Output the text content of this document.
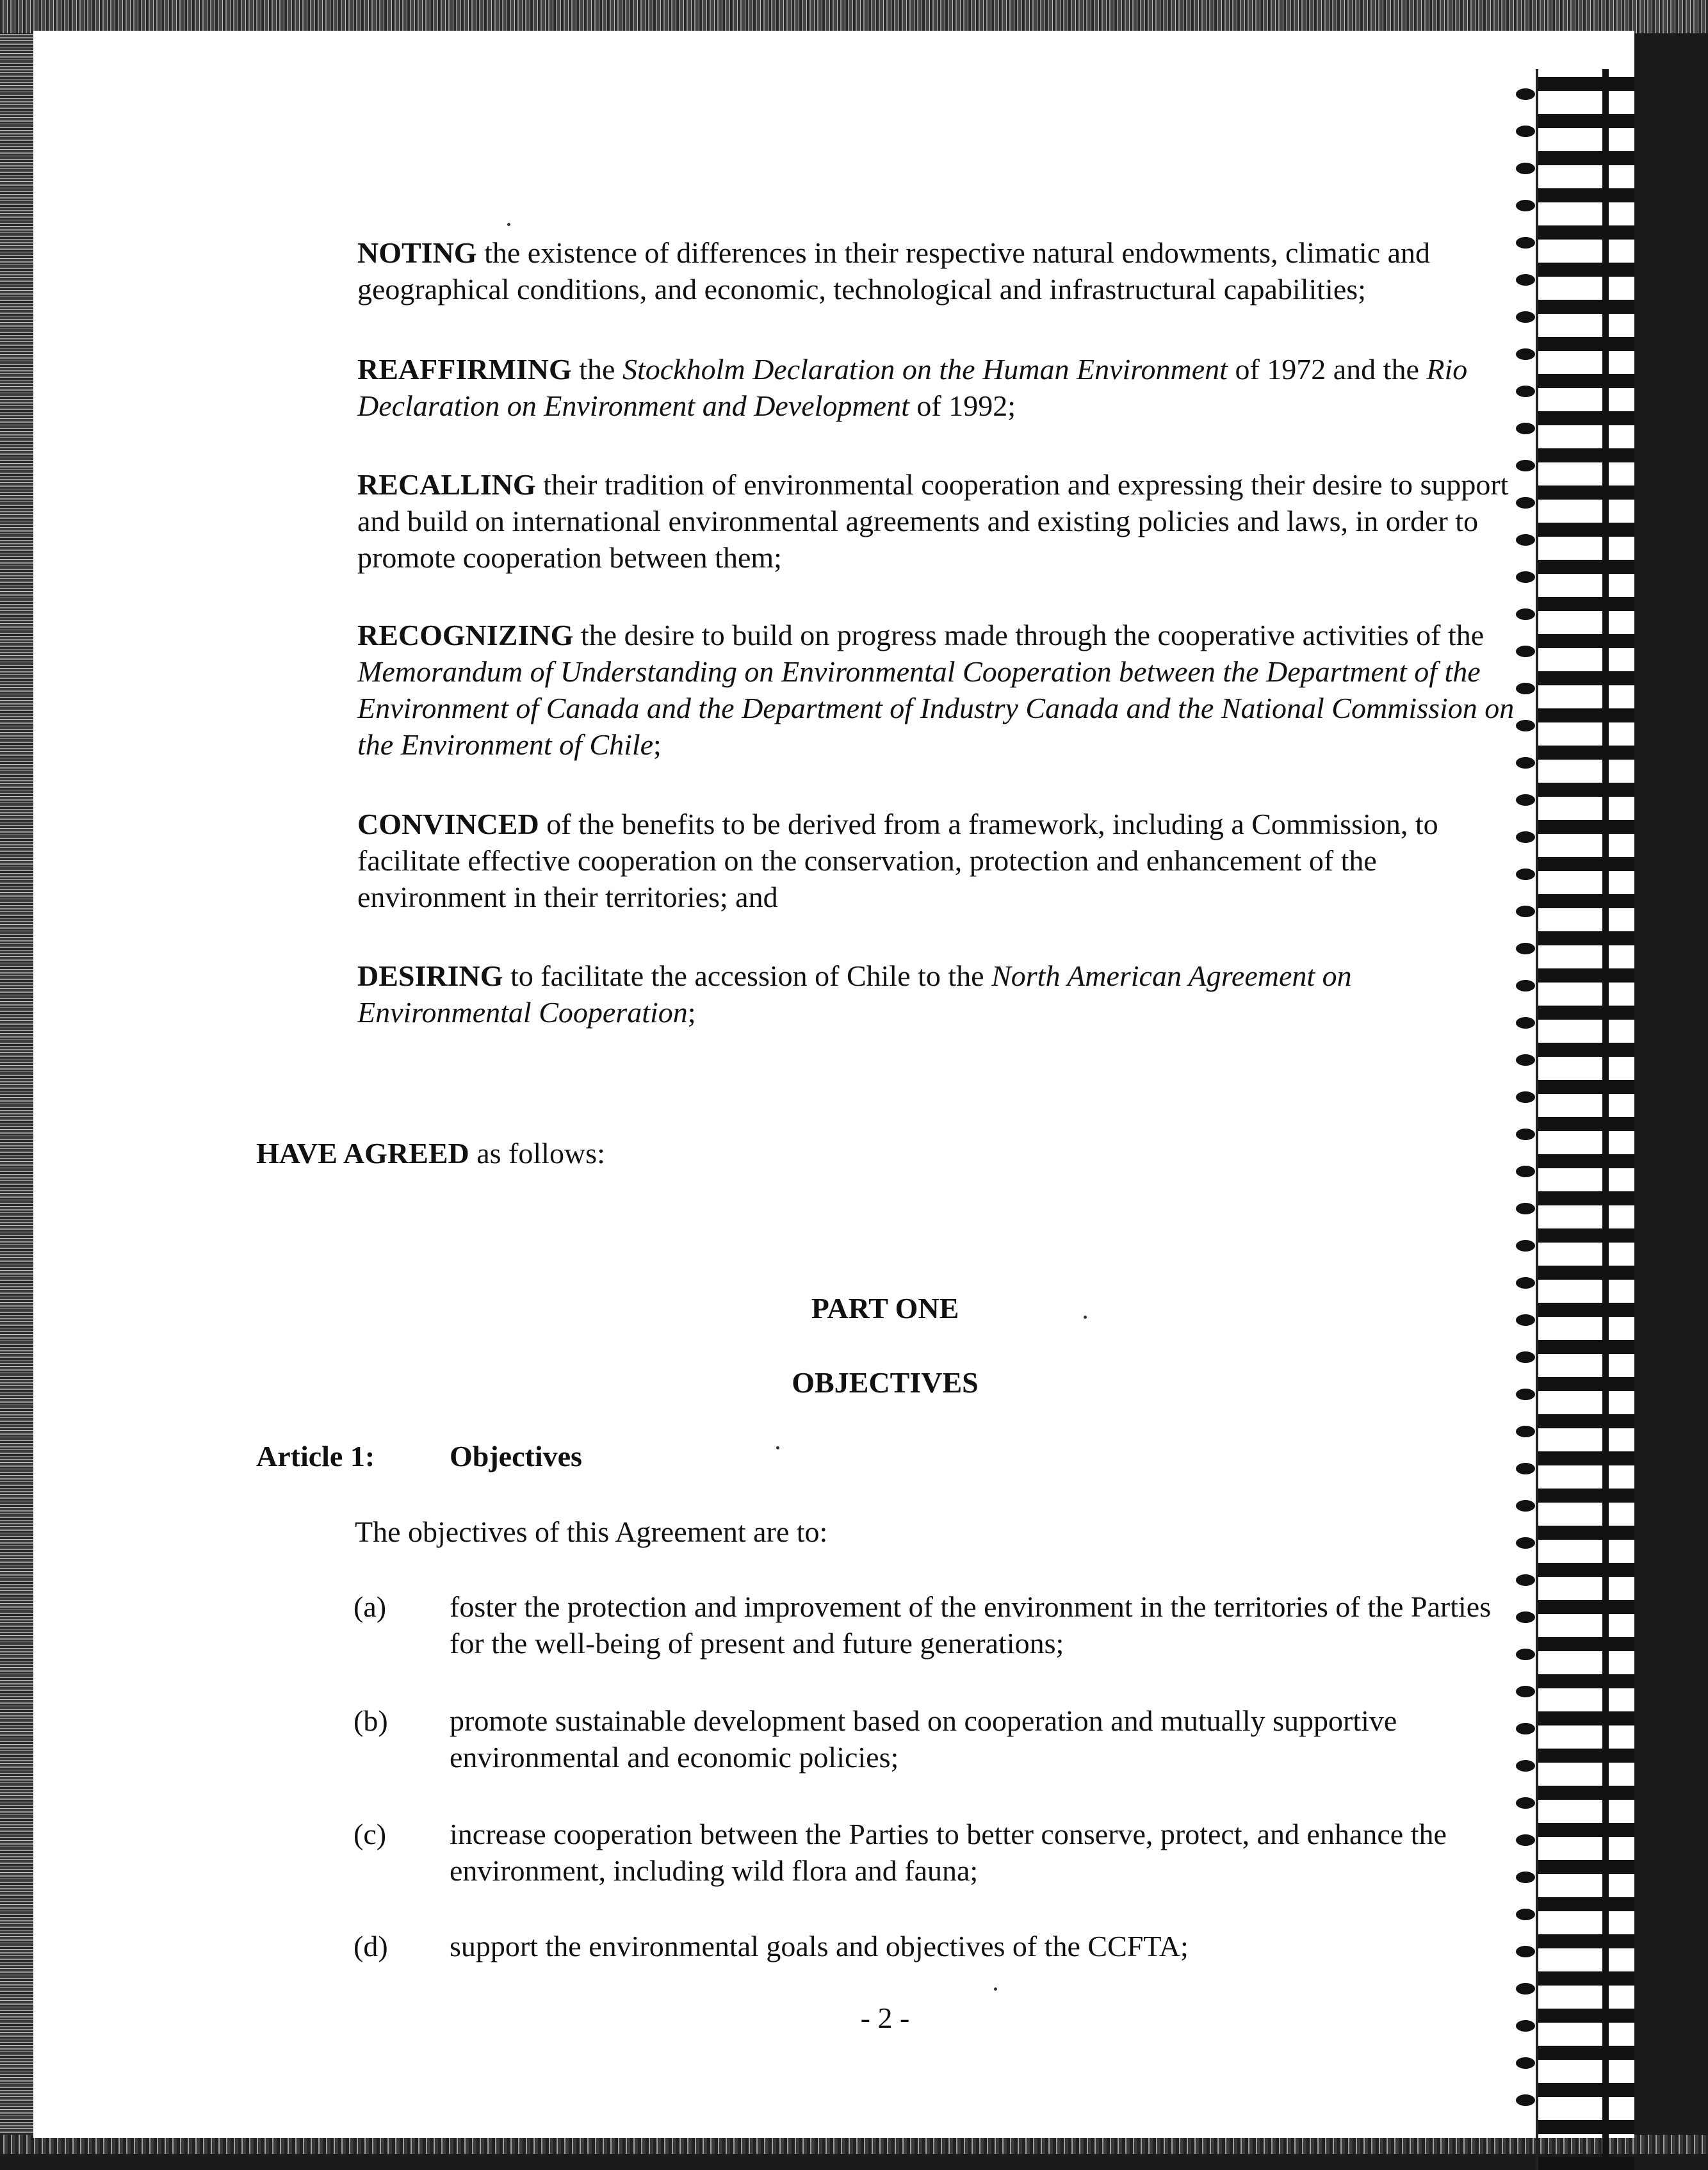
NOTING the existence of differences in their respective natural endowments, climatic and geographical conditions, and economic, technological and infrastructural capabilities;

REAFFIRMING the Stockholm Declaration on the Human Environment of 1972 and the Rio Declaration on Environment and Development of 1992;

RECALLING their tradition of environmental cooperation and expressing their desire to support and build on international environmental agreements and existing policies and laws, in order to promote cooperation between them;

RECOGNIZING the desire to build on progress made through the cooperative activities of the Memorandum of Understanding on Environmental Cooperation between the Department of the Environment of Canada and the Department of Industry Canada and the National Commission on the Environment of Chile;

CONVINCED of the benefits to be derived from a framework, including a Commission, to facilitate effective cooperation on the conservation, protection and enhancement of the environment in their territories; and

DESIRING to facilitate the accession of Chile to the North American Agreement on Environmental Cooperation;

HAVE AGREED as follows:

PART ONE

OBJECTIVES

Article 1:	Objectives
The objectives of this Agreement are to:
(a) foster the protection and improvement of the environment in the territories of the Parties for the well-being of present and future generations;

(b) promote sustainable development based on cooperation and mutually supportive environmental and economic policies;

(c) increase cooperation between the Parties to better conserve, protect, and enhance the environment, including wild flora and fauna;

(d) support the environmental goals and objectives of the CCFTA;

- 2 -
